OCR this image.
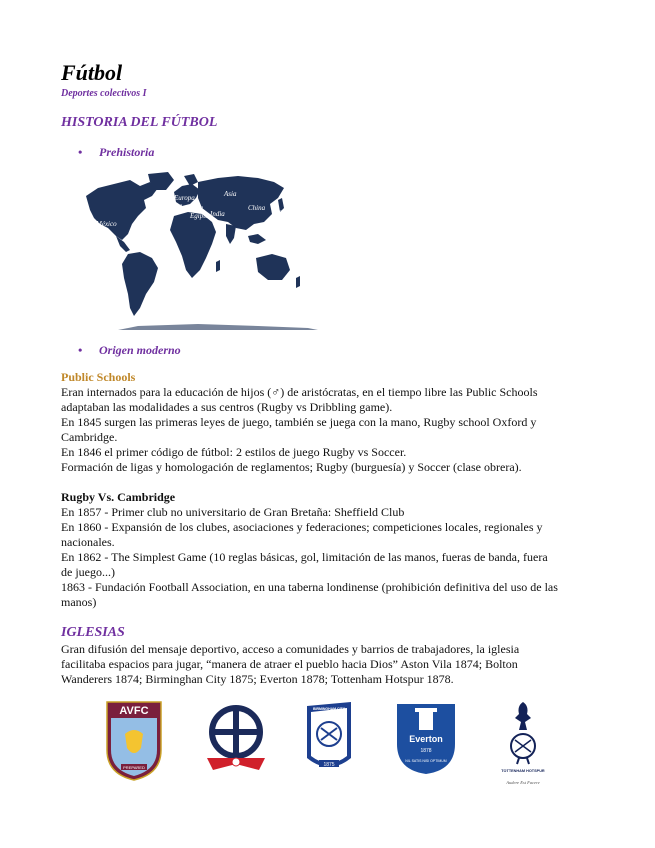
Fútbol

Deportes colectivos I

HISTORIA DEL FÚTBOL
• Prehistoria
México
Europa	Asia
China
India	Japón
Egipto
Grecia
Roma
• Origen moderno

Public Schools

Eran internados para la educación de hijos (♂) de aristócratas, en el tiempo libre las Public Schools

adaptaban las modalidades a sus centros (Rugby vs Dribbling game).

En 1845 surgen las primeras leyes de juego, también se juega con la mano, Rugby school Oxford y

Cambridge.

En 1846 el primer código de fútbol: 2 estilos de juego Rugby vs Soccer.

Formación de ligas y homologación de reglamentos; Rugby (burguesía) y Soccer (clase obrera).

Rugby Vs. Cambridge

En 1857 - Primer club no universitario de Gran Bretaña: Sheffield Club

En 1860 - Expansión de los clubes, asociaciones y federaciones; competiciones locales, regionales y

nacionales.

En 1862 - The Simplest Game (10 reglas básicas, gol, limitación de las manos, fueras de banda, fuera

de juego...)

1863 - Fundación Football Association, en una taberna londinense (prohibición definitiva del uso de las

manos)

IGLESIAS

Gran difusión del mensaje deportivo, acceso a comunidades y barrios de trabajadores, la iglesia

facilitaba espacios para jugar, “manera de atraer el pueblo hacia Dios” Aston Vila 1874; Bolton

Wanderers 1874; Birminghan City 1875; Everton 1878; Tottenham Hotspur 1878.

AVFC
PREPARED
BWFC
BIRMINGHAM CITY
1875
Everton
1878
NIL SATIS NISI OPTIMUM
TOTTENHAM HOTSPUR
Audere Est Facere
